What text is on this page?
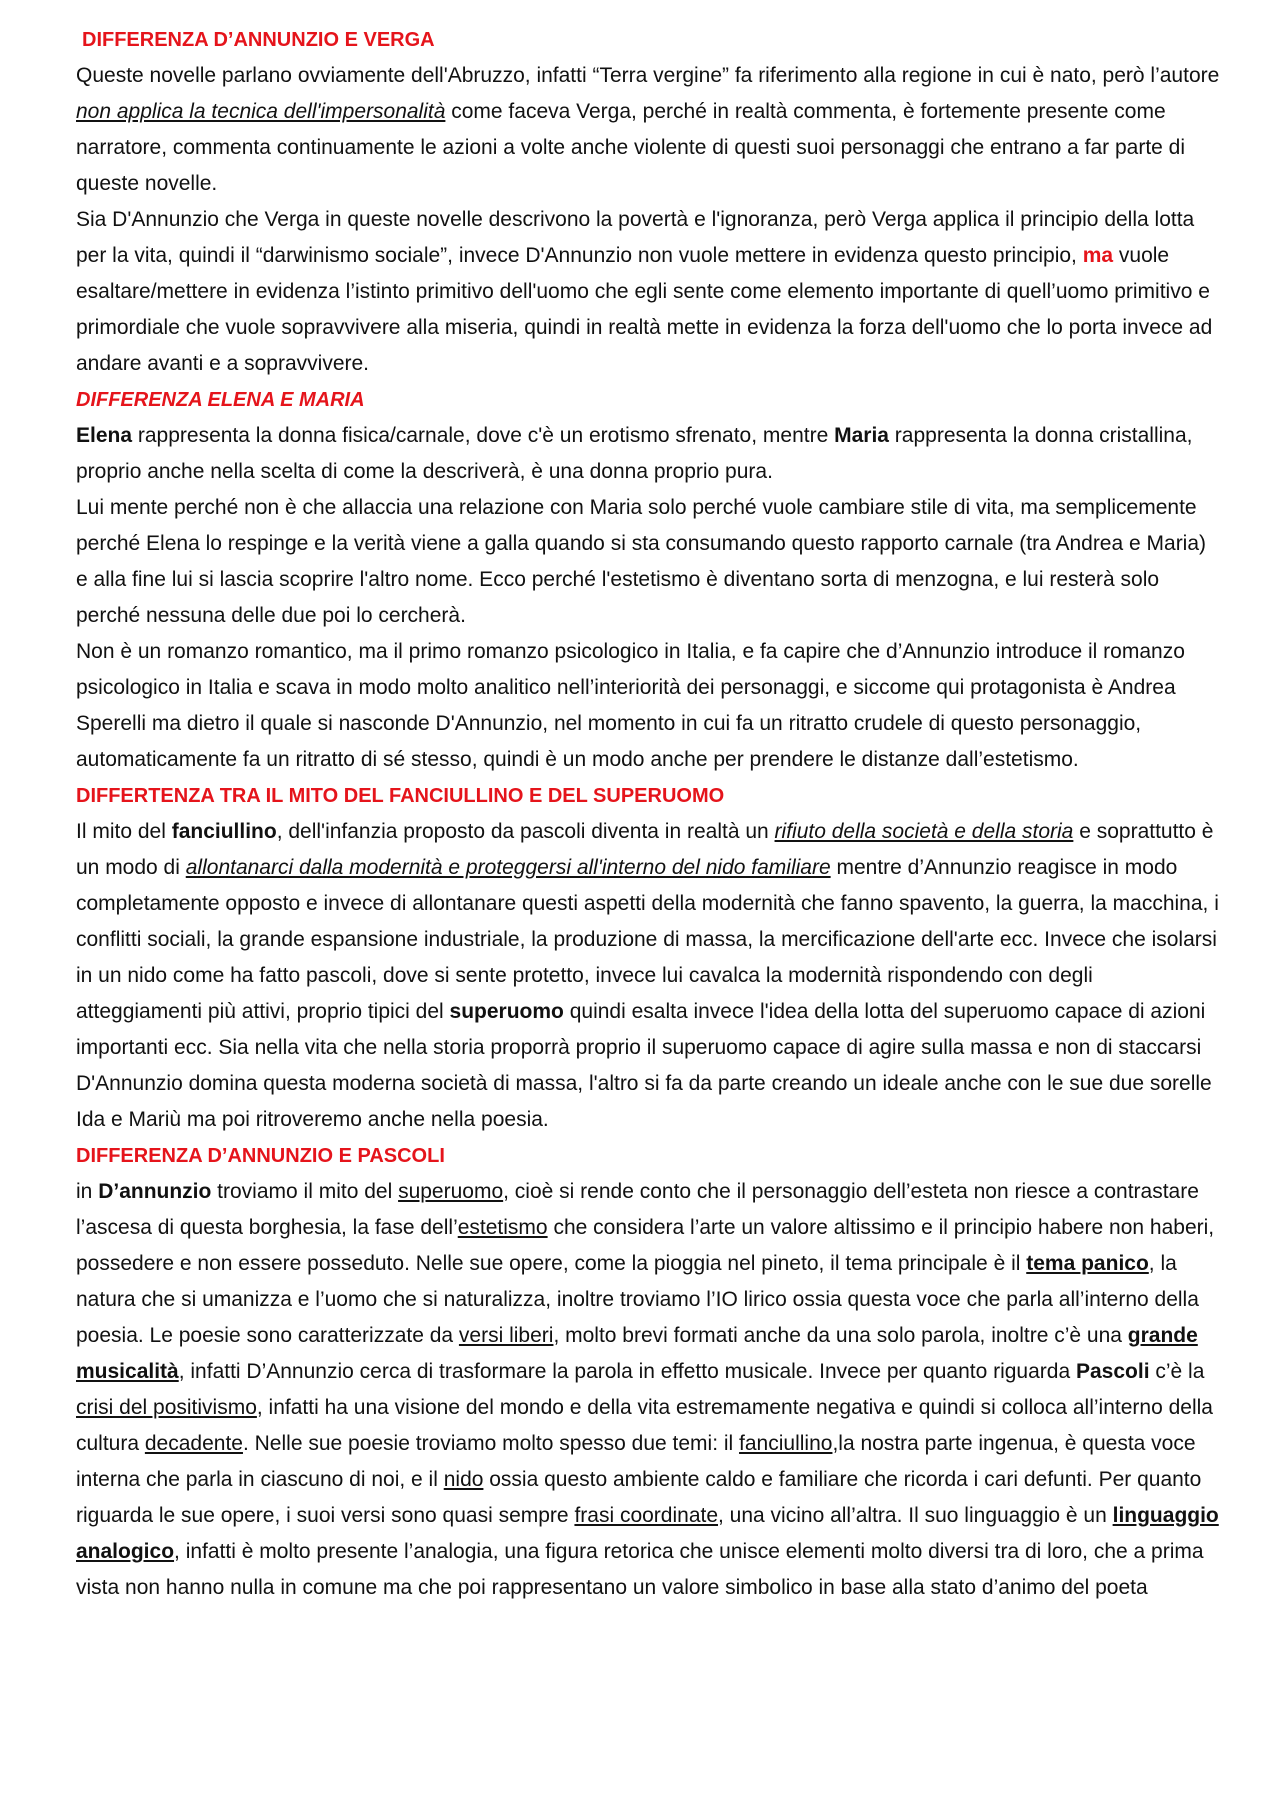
DIFFERENZA D’ANNUNZIO E VERGA

Queste novelle parlano ovviamente dell'Abruzzo, infatti “Terra vergine” fa riferimento alla regione in cui è nato, però l’autore non applica la tecnica dell'impersonalità come faceva Verga, perché in realtà commenta, è fortemente presente come narratore, commenta continuamente le azioni a volte anche violente di questi suoi personaggi che entrano a far parte di queste novelle.

Sia D'Annunzio che Verga in queste novelle descrivono la povertà e l'ignoranza, però Verga applica il principio della lotta per la vita, quindi il “darwinismo sociale”, invece D'Annunzio non vuole mettere in evidenza questo principio, ma vuole esaltare/mettere in evidenza l’istinto primitivo dell'uomo che egli sente come elemento importante di quell’uomo primitivo e primordiale che vuole sopravvivere alla miseria, quindi in realtà mette in evidenza la forza dell'uomo che lo porta invece ad andare avanti e a sopravvivere.

DIFFERENZA ELENA E MARIA

Elena rappresenta la donna fisica/carnale, dove c'è un erotismo sfrenato, mentre Maria rappresenta la donna cristallina, proprio anche nella scelta di come la descriverà, è una donna proprio pura.

Lui mente perché non è che allaccia una relazione con Maria solo perché vuole cambiare stile di vita, ma semplicemente perché Elena lo respinge e la verità viene a galla quando si sta consumando questo rapporto carnale (tra Andrea e Maria) e alla fine lui si lascia scoprire l'altro nome. Ecco perché l'estetismo è diventano sorta di menzogna, e lui resterà solo perché nessuna delle due poi lo cercherà.

Non è un romanzo romantico, ma il primo romanzo psicologico in Italia, e fa capire che d’Annunzio introduce il romanzo psicologico in Italia e scava in modo molto analitico nell’interiorità dei personaggi, e siccome qui protagonista è Andrea Sperelli ma dietro il quale si nasconde D'Annunzio, nel momento in cui fa un ritratto crudele di questo personaggio, automaticamente fa un ritratto di sé stesso, quindi è un modo anche per prendere le distanze dall’estetismo.

DIFFERTENZA TRA IL MITO DEL FANCIULLINO E DEL SUPERUOMO

Il mito del fanciullino, dell'infanzia proposto da pascoli diventa in realtà un rifiuto della società e della storia e soprattutto è un modo di allontanarci dalla modernità e proteggersi all'interno del nido familiare mentre d’Annunzio reagisce in modo completamente opposto e invece di allontanare questi aspetti della modernità che fanno spavento, la guerra, la macchina, i conflitti sociali, la grande espansione industriale, la produzione di massa, la mercificazione dell'arte ecc. Invece che isolarsi in un nido come ha fatto pascoli, dove si sente protetto, invece lui cavalca la modernità rispondendo con degli atteggiamenti più attivi, proprio tipici del superuomo quindi esalta invece l'idea della lotta del superuomo capace di azioni importanti ecc. Sia nella vita che nella storia proporrà proprio il superuomo capace di agire sulla massa e non di staccarsi D'Annunzio domina questa moderna società di massa, l'altro si fa da parte creando un ideale anche con le sue due sorelle Ida e Mariù ma poi ritroveremo anche nella poesia.

DIFFERENZA D’ANNUNZIO E PASCOLI

in D’annunzio troviamo il mito del superuomo, cioè si rende conto che il personaggio dell’esteta non riesce a contrastare l’ascesa di questa borghesia, la fase dell’estetismo che considera l’arte un valore altissimo e il principio habere non haberi, possedere e non essere posseduto. Nelle sue opere, come la pioggia nel pineto, il tema principale è il tema panico, la natura che si umanizza e l’uomo che si naturalizza, inoltre troviamo l’IO lirico ossia questa voce che parla all’interno della poesia. Le poesie sono caratterizzate da versi liberi, molto brevi formati anche da una solo parola, inoltre c’è una grande musicalità, infatti D’Annunzio cerca di trasformare la parola in effetto musicale. Invece per quanto riguarda Pascoli c’è la crisi del positivismo, infatti ha una visione del mondo e della vita estremamente negativa e quindi si colloca all’interno della cultura decadente. Nelle sue poesie troviamo molto spesso due temi: il fanciullino,la nostra parte ingenua, è questa voce interna che parla in ciascuno di noi, e il nido ossia questo ambiente caldo e familiare che ricorda i cari defunti. Per quanto riguarda le sue opere, i suoi versi sono quasi sempre frasi coordinate, una vicino all’altra. Il suo linguaggio è un linguaggio analogico, infatti è molto presente l’analogia, una figura retorica che unisce elementi molto diversi tra di loro, che a prima vista non hanno nulla in comune ma che poi rappresentano un valore simbolico in base alla stato d’animo del poeta
